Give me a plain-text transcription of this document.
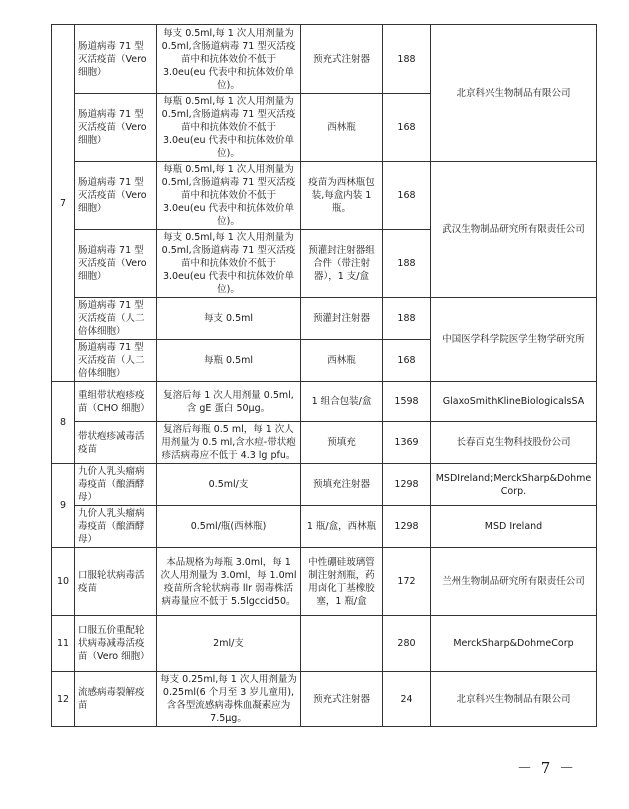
7	肠道病毒 71 型灭活疫苗（Vero 细胞）	每支 0.5ml,每 1 次人用剂量为 0.5ml,含肠道病毒 71 型灭活疫苗中和抗体效价不低于 3.0eu(eu 代表中和抗体效价单位)。	预充式注射器	188	北京科兴生物制品有限公司
	肠道病毒 71 型灭活疫苗（Vero 细胞）	每瓶 0.5ml,每 1 次人用剂量为 0.5ml,含肠道病毒 71 型灭活疫苗中和抗体效价不低于 3.0eu(eu 代表中和抗体效价单位)。	西林瓶	168	
	肠道病毒 71 型灭活疫苗（Vero 细胞）	每瓶 0.5ml,每 1 次人用剂量为 0.5ml,含肠道病毒 71 型灭活疫苗中和抗体效价不低于 3.0eu(eu 代表中和抗体效价单位)。	疫苗为西林瓶包装,每盒内装 1 瓶。	168	武汉生物制品研究所有限责任公司
	肠道病毒 71 型灭活疫苗（Vero 细胞）	每支 0.5ml,每 1 次人用剂量为 0.5ml,含肠道病毒 71 型灭活疫苗中和抗体效价不低于 3.0eu(eu 代表中和抗体效价单位)。	预灌封注射器组合件（带注射器），1 支/盒	188	
	肠道病毒 71 型灭活疫苗（人二倍体细胞）	每支 0.5ml	预灌封注射器	188	中国医学科学院医学生物学研究所
	肠道病毒 71 型灭活疫苗（人二倍体细胞）	每瓶 0.5ml	西林瓶	168	
8	重组带状疱疹疫苗（CHO 细胞）	复溶后每 1 次人用剂量 0.5ml,含 gE 蛋白 50μg。	1 组合包装/盒	1598	GlaxoSmithKlineBiologicalsSA
	带状疱疹减毒活疫苗	复溶后每瓶 0.5 ml，每 1 次人用剂量为 0.5 ml,含水痘-带状疱疹活病毒应不低于 4.3 lg pfu。	预填充	1369	长春百克生物科技股份公司
9	九价人乳头瘤病毒疫苗（酿酒酵母）	0.5ml/支	预填充注射器	1298	MSDIreland;MerckSharp&Dohme Corp.
	九价人乳头瘤病毒疫苗（酿酒酵母）	0.5ml/瓶(西林瓶)	1 瓶/盒，西林瓶	1298	MSD Ireland
10	口服轮状病毒活疫苗	本品规格为每瓶 3.0ml，每 1 次人用剂量为 3.0ml，每 1.0ml 疫苗所含轮状病毒 llr 弱毒株活病毒量应不低于 5.5lgccid50。	中性硼硅玻璃管制注射剂瓶，药用卤化丁基橡胶塞，1 瓶/盒	172	兰州生物制品研究所有限责任公司
11	口服五价重配轮状病毒减毒活疫苗（Vero 细胞）	2ml/支		280	MerckSharp&DohmeCorp
12	流感病毒裂解疫苗	每支 0.25ml,每 1 次人用剂量为 0.25ml(6 个月至 3 岁儿童用),含各型流感病毒株血凝素应为 7.5μg。	预充式注射器	24	北京科兴生物制品有限公司
－ 7 －
